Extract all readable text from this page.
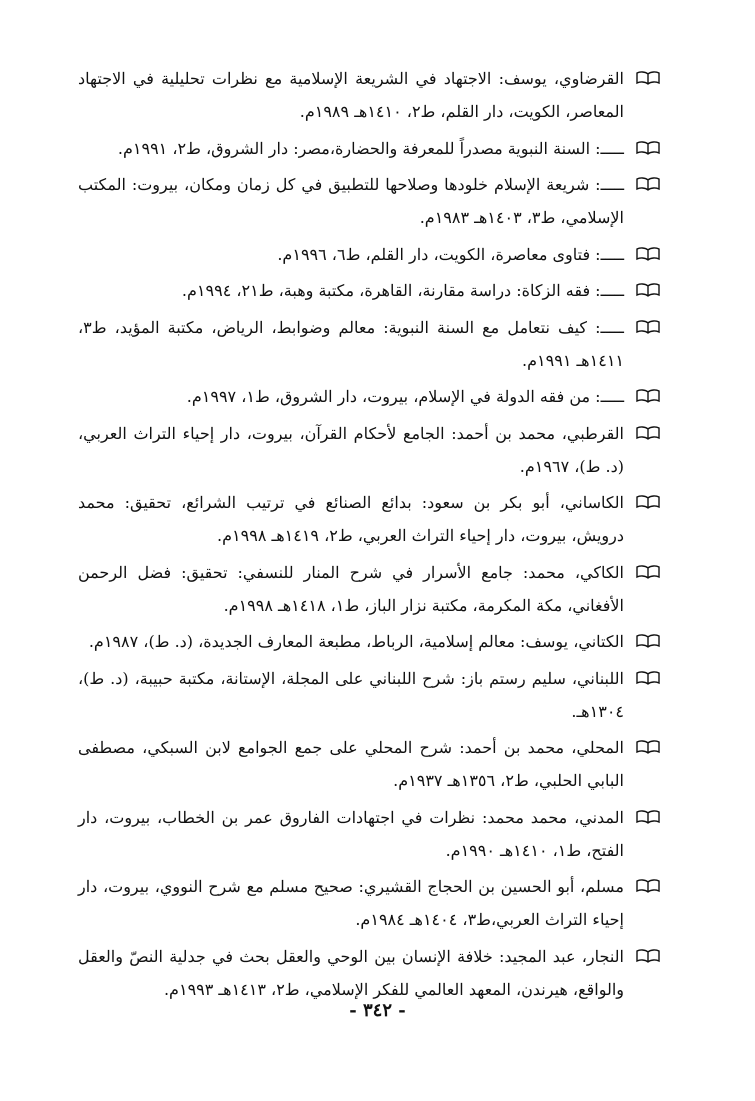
القرضاوي، يوسف: الاجتهاد في الشريعة الإسلامية مع نظرات تحليلية في الاجتهاد المعاصر، الكويت، دار القلم، ط٢، ١٤١٠هـ ١٩٨٩م.
ـــــ: السنة النبوية مصدراً للمعرفة والحضارة،مصر: دار الشروق، ط٢، ١٩٩١م.
ـــــ: شريعة الإسلام خلودها وصلاحها للتطبيق في كل زمان ومكان، بيروت: المكتب الإسلامي، ط٣، ١٤٠٣هـ ١٩٨٣م.
ـــــ: فتاوى معاصرة، الكويت، دار القلم، ط٦، ١٩٩٦م.
ـــــ: فقه الزكاة: دراسة مقارنة، القاهرة، مكتبة وهبة، ط٢١، ١٩٩٤م.
ـــــ: كيف نتعامل مع السنة النبوية: معالم وضوابط، الرياض، مكتبة المؤيد، ط٣، ١٤١١هـ ١٩٩١م.
ـــــ: من فقه الدولة في الإسلام، بيروت، دار الشروق، ط١، ١٩٩٧م.
القرطبي، محمد بن أحمد: الجامع لأحكام القرآن، بيروت، دار إحياء التراث العربي، (د. ط)، ١٩٦٧م.
الكاساني، أبو بكر بن سعود: بدائع الصنائع في ترتيب الشرائع، تحقيق: محمد درويش، بيروت، دار إحياء التراث العربي، ط٢، ١٤١٩هـ ١٩٩٨م.
الكاكي، محمد: جامع الأسرار في شرح المنار للنسفي: تحقيق: فضل الرحمن الأفغاني، مكة المكرمة، مكتبة نزار الباز، ط١، ١٤١٨هـ ١٩٩٨م.
الكتاني، يوسف: معالم إسلامية، الرباط، مطبعة المعارف الجديدة، (د. ط)، ١٩٨٧م.
اللبناني، سليم رستم باز: شرح اللبناني على المجلة، الإستانة، مكتبة حبيبة، (د. ط)، ١٣٠٤هـ.
المحلي، محمد بن أحمد: شرح المحلي على جمع الجوامع لابن السبكي، مصطفى البابي الحلبي، ط٢، ١٣٥٦هـ ١٩٣٧م.
المدني، محمد محمد: نظرات في اجتهادات الفاروق عمر بن الخطاب، بيروت، دار الفتح، ط١، ١٤١٠هـ ١٩٩٠م.
مسلم، أبو الحسين بن الحجاج القشيري: صحيح مسلم مع شرح النووي، بيروت، دار إحياء التراث العربي،ط٣، ١٤٠٤هـ ١٩٨٤م.
النجار، عبد المجيد: خلافة الإنسان بين الوحي والعقل بحث في جدلية النصّ والعقل والواقع، هيرندن، المعهد العالمي للفكر الإسلامي، ط٢، ١٤١٣هـ ١٩٩٣م.
- ٣٤٢ -
